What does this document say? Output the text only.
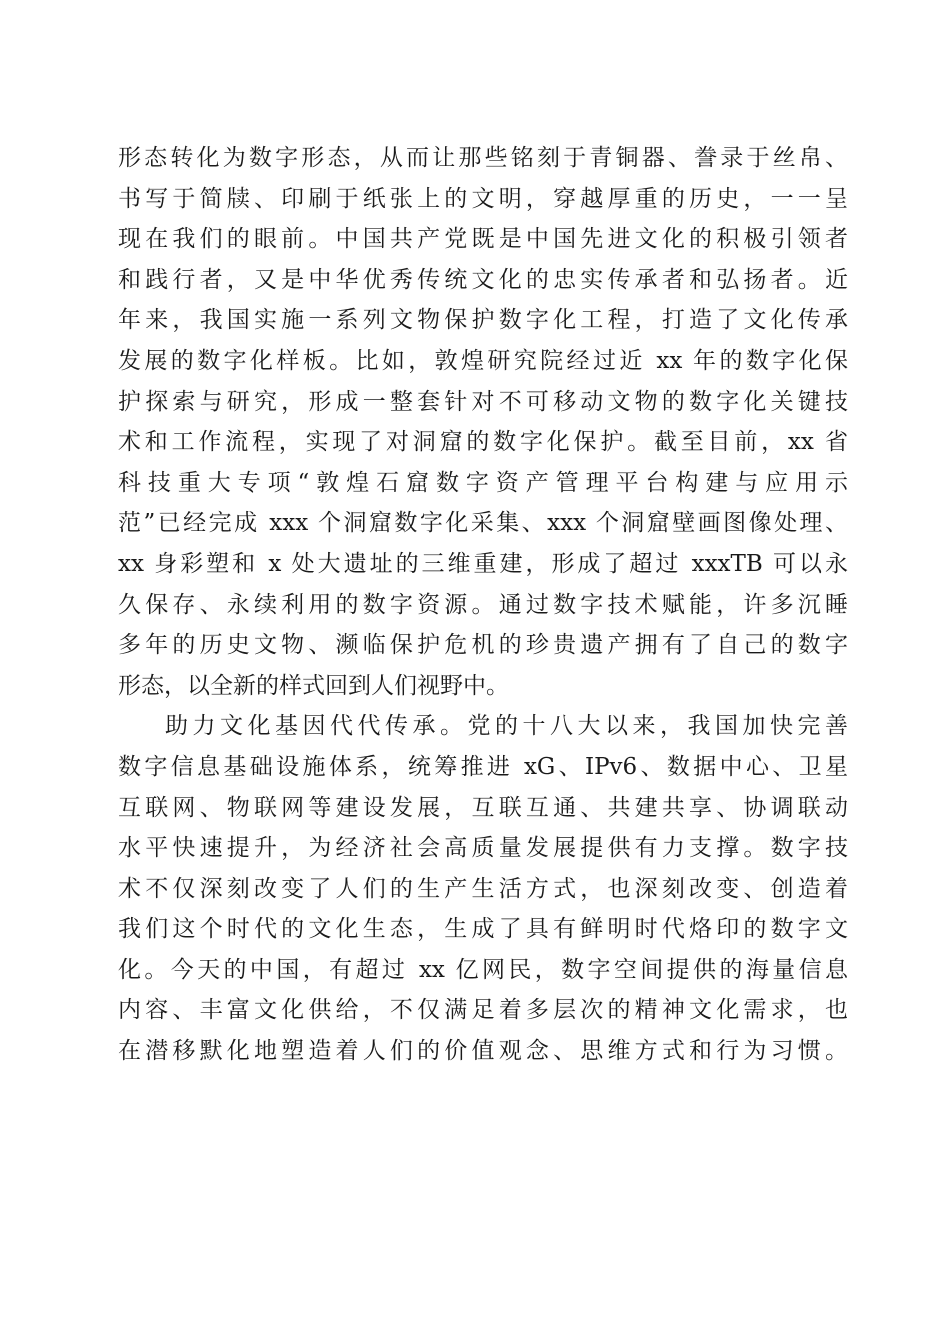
形态转化为数字形态，从而让那些铭刻于青铜器、誊录于丝帛、
书写于简牍、印刷于纸张上的文明，穿越厚重的历史，一一呈
现在我们的眼前。中国共产党既是中国先进文化的积极引领者
和践行者，又是中华优秀传统文化的忠实传承者和弘扬者。近
年来，我国实施一系列文物保护数字化工程，打造了文化传承
发展的数字化样板。比如，敦煌研究院经过近 xx 年的数字化保
护探索与研究，形成一整套针对不可移动文物的数字化关键技
术和工作流程，实现了对洞窟的数字化保护。截至目前，xx 省
科技重大专项“敦煌石窟数字资产管理平台构建与应用示
范”已经完成 xxx 个洞窟数字化采集、xxx 个洞窟壁画图像处理、
xx 身彩塑和 x 处大遗址的三维重建，形成了超过 xxxTB 可以永
久保存、永续利用的数字资源。通过数字技术赋能，许多沉睡
多年的历史文物、濒临保护危机的珍贵遗产拥有了自己的数字
形态，以全新的样式回到人们视野中。
助力文化基因代代传承。党的十八大以来，我国加快完善
数字信息基础设施体系，统筹推进 xG、IPv6、数据中心、卫星
互联网、物联网等建设发展，互联互通、共建共享、协调联动
水平快速提升，为经济社会高质量发展提供有力支撑。数字技
术不仅深刻改变了人们的生产生活方式，也深刻改变、创造着
我们这个时代的文化生态，生成了具有鲜明时代烙印的数字文
化。今天的中国，有超过 xx 亿网民，数字空间提供的海量信息
内容、丰富文化供给，不仅满足着多层次的精神文化需求，也
在潜移默化地塑造着人们的价值观念、思维方式和行为习惯。
